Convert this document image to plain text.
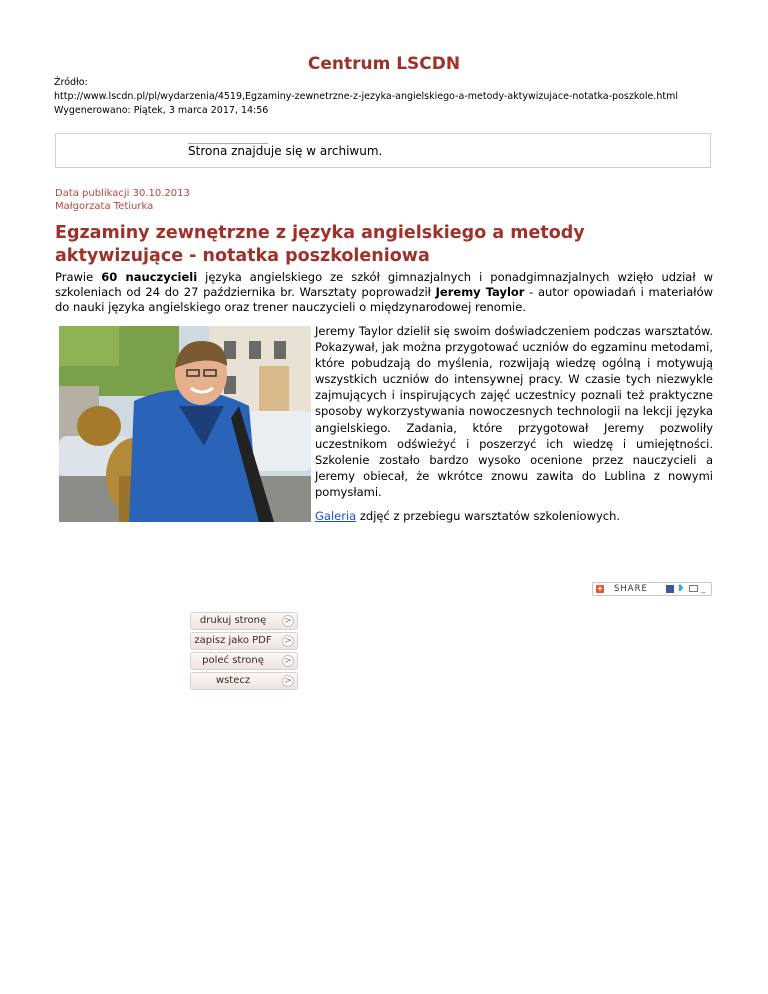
Centrum LSCDN
Źródło:
http://www.lscdn.pl/pl/wydarzenia/4519,Egzaminy-zewnetrzne-z-jezyka-angielskiego-a-metody-aktywizujace-notatka-poszkole.html
Wygenerowano: Piątek, 3 marca 2017, 14:56
Strona znajduje się w archiwum.
Data publikacji 30.10.2013
Małgorzata Tetiurka
Egzaminy zewnętrzne z języka angielskiego a metody aktywizujące - notatka poszkoleniowa
Prawie 60 nauczycieli języka angielskiego ze szkół gimnazjalnych i ponadgimnazjalnych wzięło udział w szkoleniach od 24 do 27 października br. Warsztaty poprowadził Jeremy Taylor - autor opowiadań i materiałów do nauki języka angielskiego oraz trener nauczycieli o międzynarodowej renomie.
Jeremy Taylor dzielił się swoim doświadczeniem podczas warsztatów. Pokazywał, jak można przygotować uczniów do egzaminu metodami, które pobudzają do myślenia, rozwijają wiedzę ogólną i motywują wszystkich uczniów do intensywnej pracy. W czasie tych niezwykle zajmujących i inspirujących zajęć uczestnicy poznali też praktyczne sposoby wykorzystywania nowoczesnych technologii na lekcji języka angielskiego. Zadania, które przygotował Jeremy pozwoliły uczestnikom odświeżyć i poszerzyć ich wiedzę i umiejętności. Szkolenie zostało bardzo wysoko ocenione przez nauczycieli a Jeremy obiecał, że wkrótce znowu zawita do Lublina z nowymi pomysłami.
Galeria zdjęć z przebiegu warsztatów szkoleniowych.
+ SHARE	❥ _
drukuj stronę	>
zapisz jako PDF	>
poleć stronę	>
wstecz	>
